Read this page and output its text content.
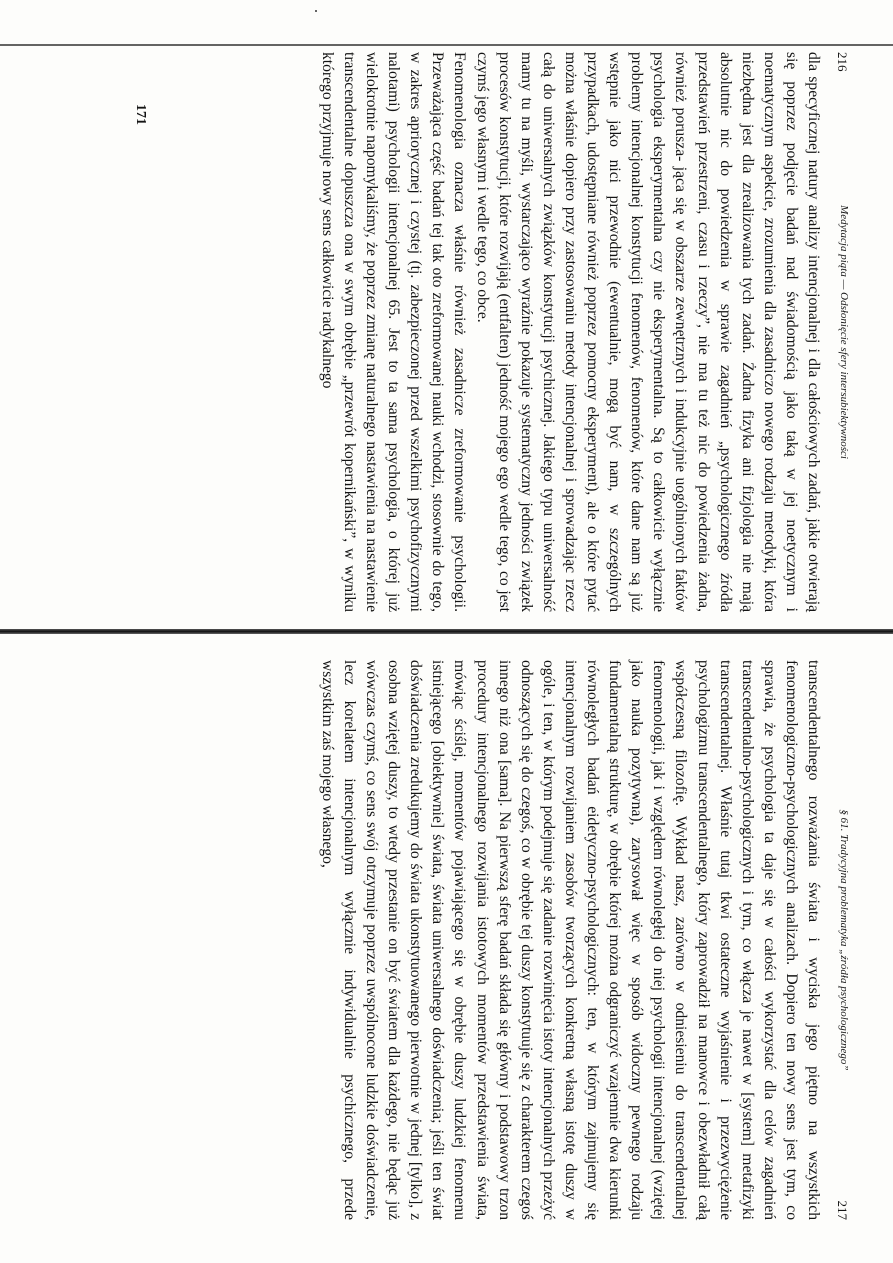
216
Medytacja piąta — Odsłonięcie sfery intersubiektywności

dla specyficznej natury analizy intencjonalnej i dla całościowych zadań, jakie otwierają się poprzez podjęcie badań nad świadomością jako taką w jej noetycznym i noematycznym aspekcie, zrozumienia dla zasadniczo nowego rodzaju metodyki, która niezbędna jest dla zrealizowania tych zadań. Żadna fizyka ani fizjologia nie mają absolutnie nic do powiedzenia w sprawie zagadnień „psychologicznego źródła przedstawień przestrzeni, czasu i rzeczy”, nie ma tu też nic do powiedzenia żadna, również porusza- jąca się w obszarze zewnętrznych i indukcyjnie uogólnionych faktów psychologia eksperymentalna czy nie eksperymentalna. Są to całkowicie wyłącznie problemy intencjonalnej konstytucji fenomenów, fenomenów, które dane nam są już wstępnie jako nici przewodnie (ewentualnie, mogą być nam, w szczególnych przypadkach, udostępniane również poprzez pomocny eksperyment), ale o które pytać można właśnie dopiero przy zastosowaniu metody intencjonalnej i sprowadzając rzecz całą do uniwersalnych związków konstytucji psychicznej. Jakiego typu uniwersalność mamy tu na myśli, wystarczająco wyraźnie pokazuje systematyczny jedności związek procesów konstytucji, które rozwijają (entfalten) jedność mojego ego wedle tego, co jest czymś jego własnym i wedle tego, co obce.

Fenomenologia oznacza właśnie również zasadnicze zreformowanie psychologii. Przeważająca część badań tej tak oto zreformowanej nauki wchodzi, stosownie do tego, w zakres apriorycznej i czystej (tj. zabezpieczonej przed wszelkimi psychofizycznymi nalotami) psychologii intencjonalnej 65. Jest to ta sama psychologia, o której już wielokrotnie napomykaliśmy, że poprzez zmianę naturalnego nastawienia na nastawienie transcendentalne dopuszcza ona w swym obrębie „przewrót kopernikański”, w wyniku którego przyjmuje nowy sens całkowicie radykalnego

171
§ 61. Tradycyjna problematyka „źródła psychologicznego”
217

transcendentalnego rozważania świata i wyciska jego piętno na wszystkich fenomenologiczno-psychologicznych analizach. Dopiero ten nowy sens jest tym, co sprawia, że psychologia ta daje się w całości wykorzystać dla celów zagadnień transcendentalno-psychologicznych i tym, co włącza je nawet w [system] metafizyki transcendentalnej. Właśnie tutaj tkwi ostateczne wyjaśnienie i przezwyciężenie psychologizmu transcendentalnego, który zaprowadził na manowce i obezwładnił całą współczesną filozofię. Wykład nasz, zarówno w odniesieniu do transcendentalnej fenomenologii, jak i względem równoległej do niej psychologii intencjonalnej (wziętej jako nauka pozytywna), zarysował więc w sposób widoczny pewnego rodzaju fundamentalną strukturę, w obrębie której można odgraniczyć wzajemnie dwa kierunki równoległych badań eidetyczno-psychologicznych: ten, w którym zajmujemy się intencjonalnym rozwijaniem zasobów tworzących konkretną własną istotę duszy w ogóle, i ten, w którym podejmuje się zadanie rozwinięcia istoty intencjonalnych przeżyć odnoszących się do czegoś, co w obrębie tej duszy konstytuuje się z charakterem czegoś innego niż ona [sama]. Na pierwszą sferę badań składa się główny i podstawowy trzon procedury intencjonalnego rozwijania istotowych momentów przedstawienia świata, mówiąc ściślej, momentów pojawiającego się w obrębie duszy ludzkiej fenomenu istniejącego [obiektywnie] świata, świata uniwersalnego doświadczenia; jeśli ten świat doświadczenia zredukujemy do świata ukonstytuowanego pierwotnie w jednej [tylko], z osobna wziętej duszy, to wtedy przestanie on być światem dla każdego, nie będąc już wówczas czymś, co sens swój otrzymuje poprzez uwspólnocone ludzkie doświadczenie, lecz korelatem intencjonalnym wyłącznie indywidualnie psychicznego, przede wszystkim zaś mojego własnego,
